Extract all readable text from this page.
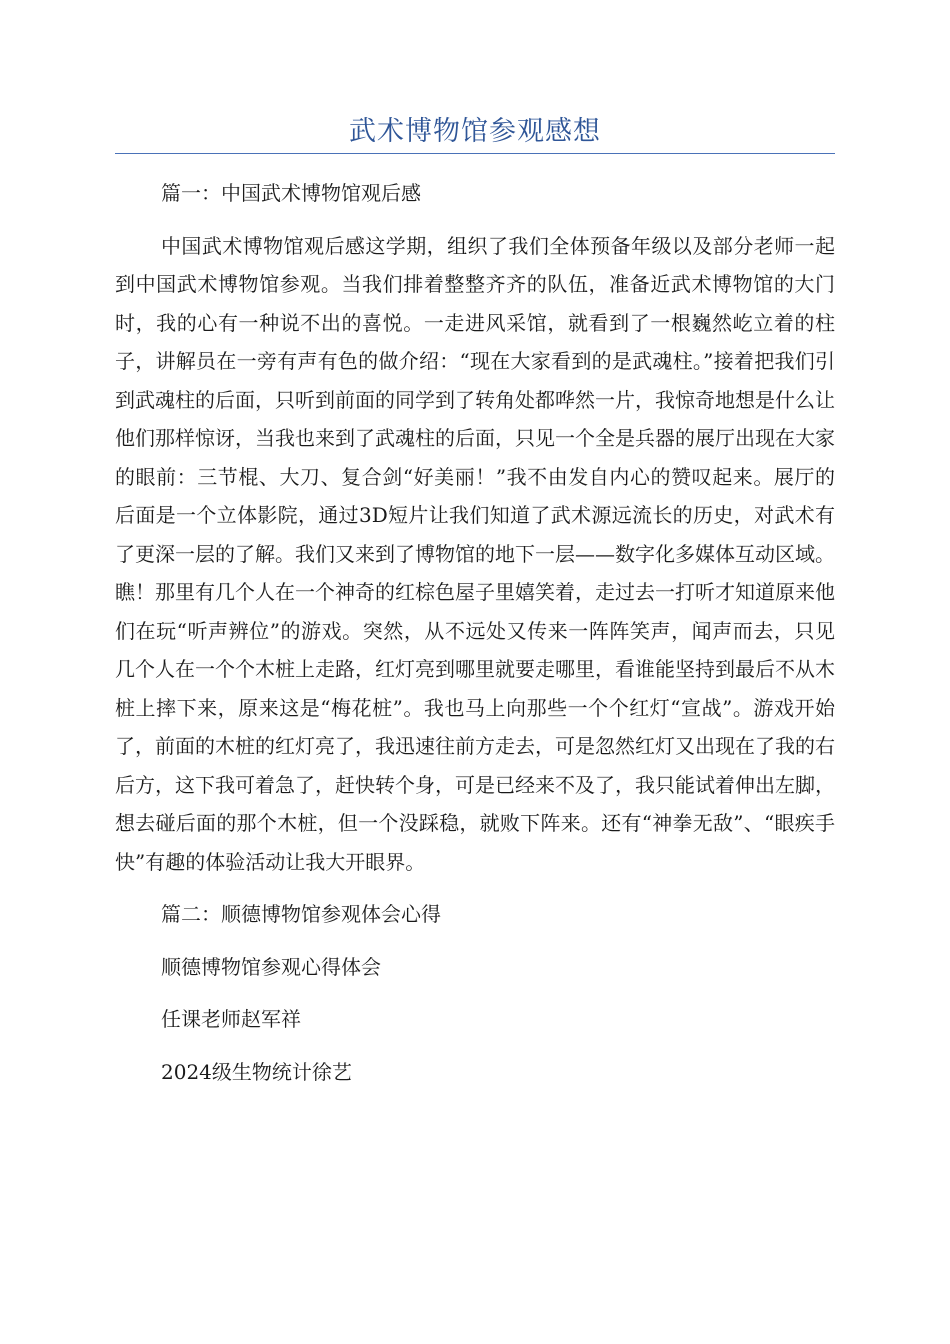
武术博物馆参观感想

篇一：中国武术博物馆观后感

中国武术博物馆观后感这学期，组织了我们全体预备年级以及部分老师一起到中国武术博物馆参观。当我们排着整整齐齐的队伍，准备近武术博物馆的大门时，我的心有一种说不出的喜悦。一走进风采馆，就看到了一根巍然屹立着的柱子，讲解员在一旁有声有色的做介绍：“现在大家看到的是武魂柱。”接着把我们引到武魂柱的后面，只听到前面的同学到了转角处都哗然一片，我惊奇地想是什么让他们那样惊讶，当我也来到了武魂柱的后面，只见一个全是兵器的展厅出现在大家的眼前：三节棍、大刀、复合剑“好美丽！”我不由发自内心的赞叹起来。展厅的后面是一个立体影院，通过3D短片让我们知道了武术源远流长的历史，对武术有了更深一层的了解。我们又来到了博物馆的地下一层——数字化多媒体互动区域。瞧！那里有几个人在一个神奇的红棕色屋子里嬉笑着，走过去一打听才知道原来他们在玩“听声辨位”的游戏。突然，从不远处又传来一阵阵笑声，闻声而去，只见几个人在一个个木桩上走路，红灯亮到哪里就要走哪里，看谁能坚持到最后不从木桩上摔下来，原来这是“梅花桩”。我也马上向那些一个个红灯“宣战”。游戏开始了，前面的木桩的红灯亮了，我迅速往前方走去，可是忽然红灯又出现在了我的右后方，这下我可着急了，赶快转个身，可是已经来不及了，我只能试着伸出左脚，想去碰后面的那个木桩，但一个没踩稳，就败下阵来。还有“神拳无敌”、“眼疾手快”有趣的体验活动让我大开眼界。

篇二：顺德博物馆参观体会心得

顺德博物馆参观心得体会

任课老师赵军祥

2024级生物统计徐艺
